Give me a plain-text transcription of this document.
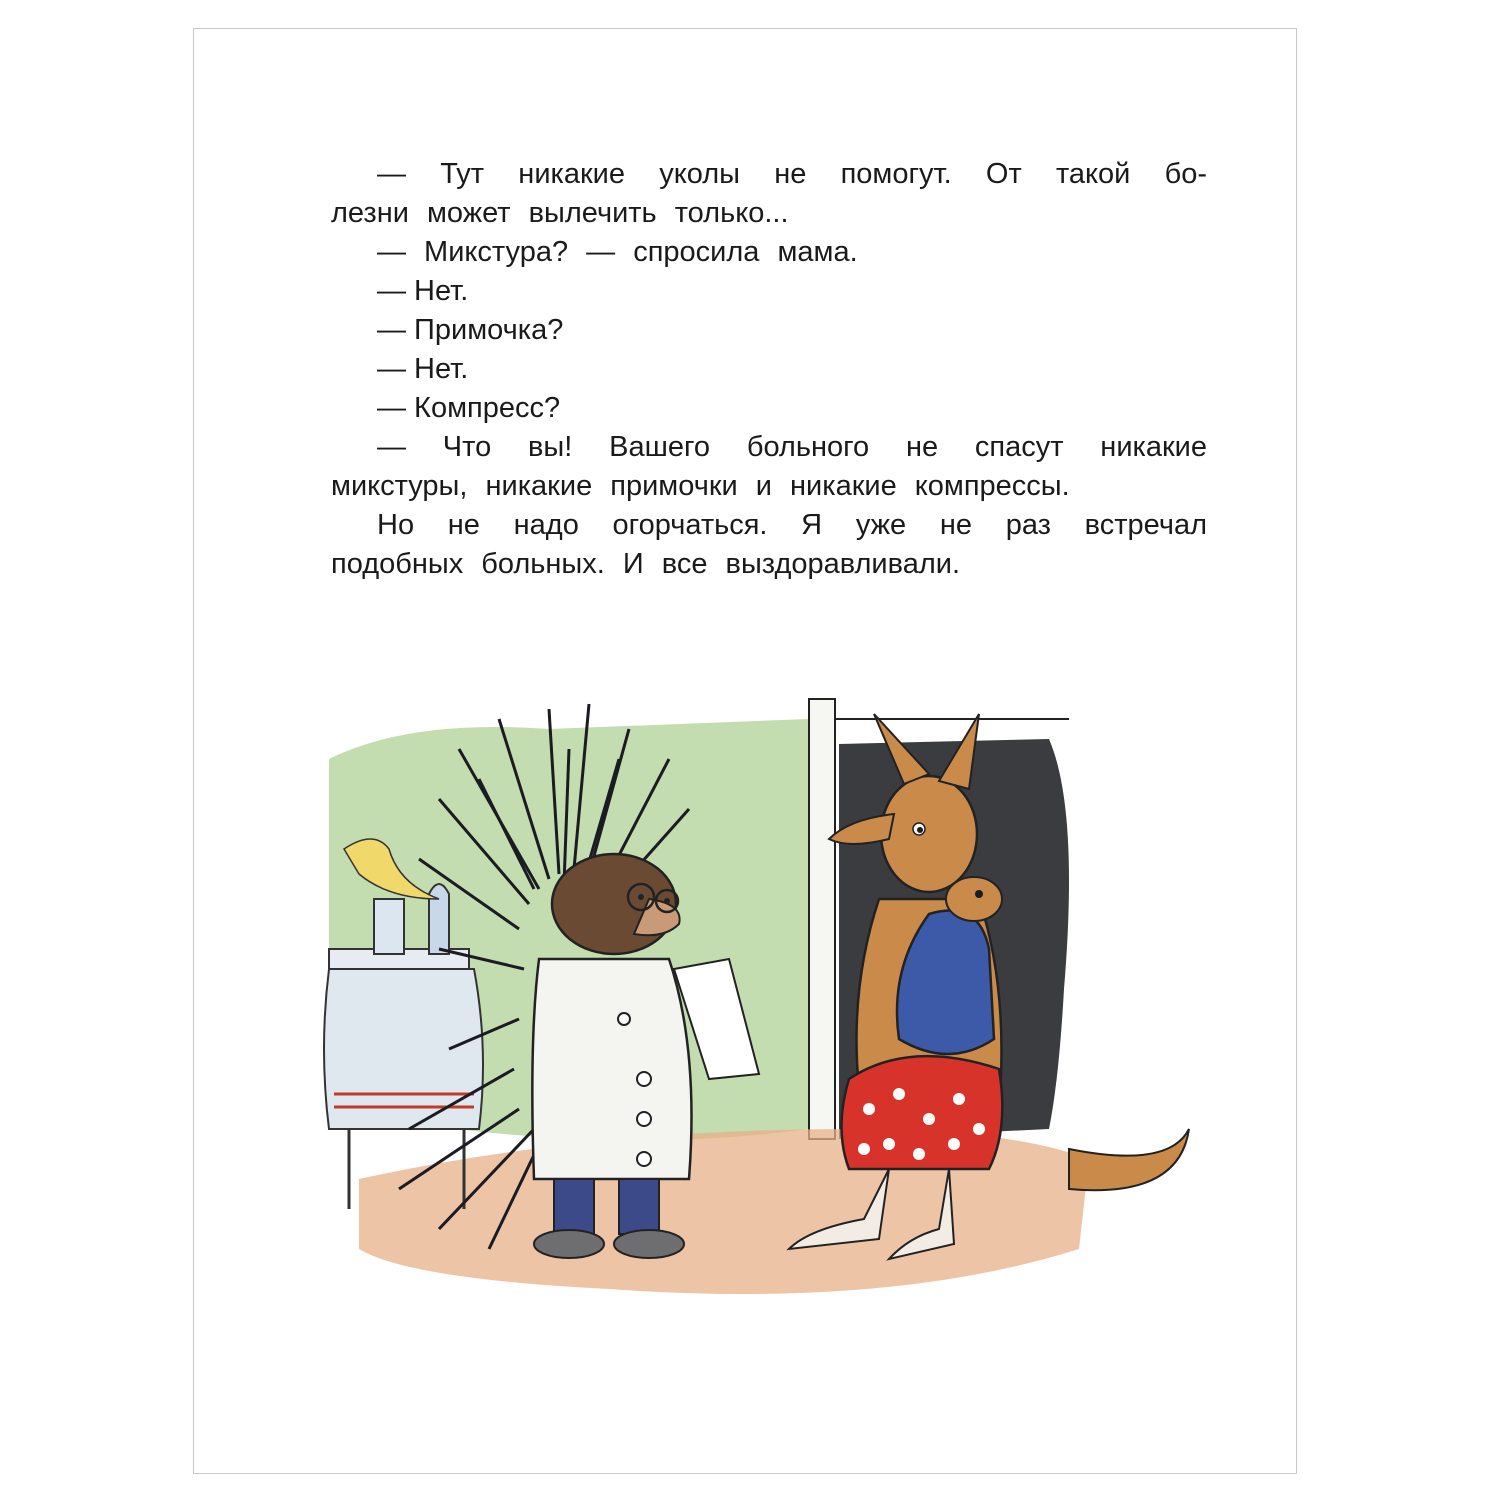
— Тут никакие уколы не помогут. От такой бо-
лезни может вылечить только...
— Микстура? — спросила мама.
— Нет.
— Примочка?
— Нет.
— Компресс?
— Что вы! Вашего больного не спасут никакие
микстуры, никакие примочки и никакие компрессы.
Но не надо огорчаться. Я уже не раз встречал
подобных больных. И все выздоравливали.
